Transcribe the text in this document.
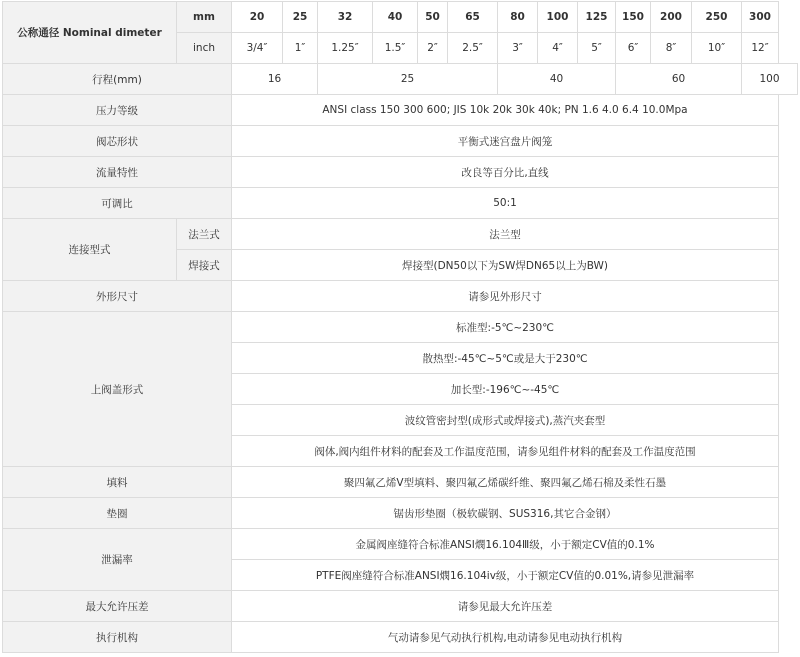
公称通径 Nominal dimeter	mm	20	25	32	40	50	65	80	100	125	150	200	250	300
	inch	3/4″	1″	1.25″	1.5″	2″	2.5″	3″	4″	5″	6″	8″	10″	12″
行程(mm)		16		25				40			60			100
压力等级		ANSI class 150 300 600; JIS 10k 20k 30k 40k; PN 1.6 4.0 6.4 10.0Mpa												
阀芯形状		平衡式迷宫盘片阀笼												
流量特性		改良等百分比,直线												
可调比		50:1												
连接型式	法兰式	法兰型												
	焊接式	焊接型(DN50以下为SW焊DN65以上为BW)												
外形尺寸		请参见外形尺寸												
上阀盖形式		标准型:-5℃~230℃												
		散热型:-45℃~5℃或是大于230℃												
		加长型:-196℃~-45℃												
		波纹管密封型(成形式或焊接式),蒸汽夹套型												
		阀体,阀内组件材料的配套及工作温度范围，请参见组件材料的配套及工作温度范围												
填料		聚四氟乙烯V型填料、聚四氟乙烯碳纤维、聚四氟乙烯石棉及柔性石墨												
垫圈		锯齿形垫圈（极软碳钢、SUS316,其它合金钢）												
泄漏率		金属阀座缝符合标准ANSI燘16.104Ⅲ级，小于额定CV值的0.1%												
		PTFE阀座缝符合标准ANSI燘16.104iv级，小于额定CV值的0.01%,请参见泄漏率												
最大允许压差		请参见最大允许压差												
执行机构		气动请参见气动执行机构,电动请参见电动执行机构												
